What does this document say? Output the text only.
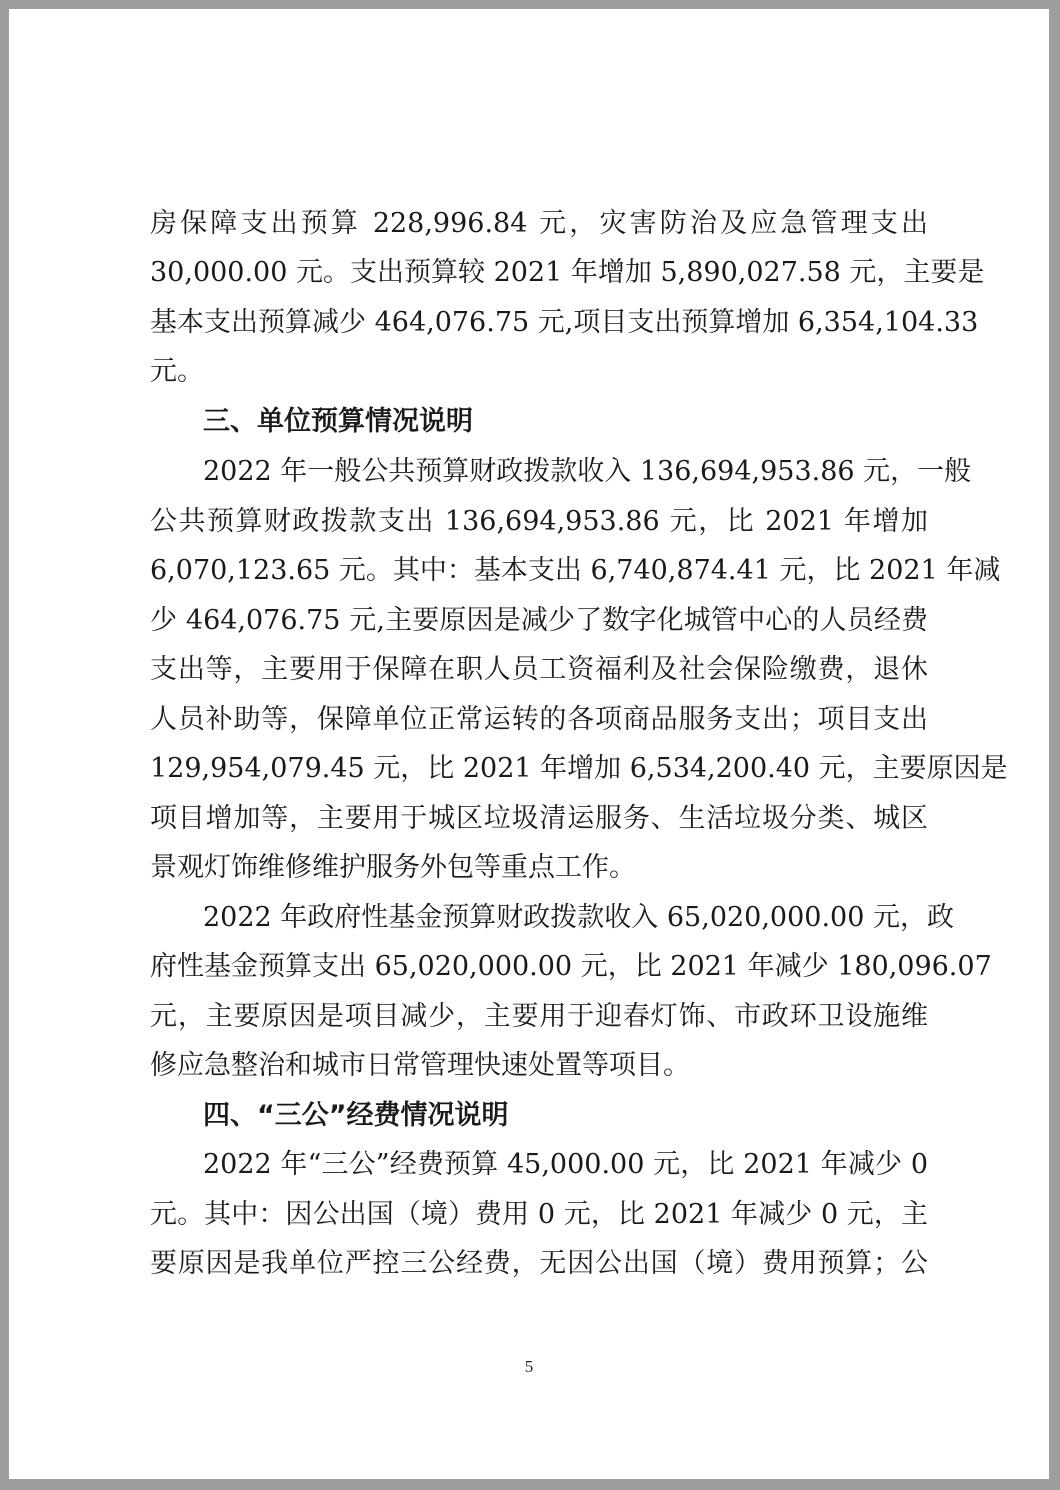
房保障支出预算 228,996.84 元，灾害防治及应急管理支出
30,000.00 元。支出预算较 2021 年增加 5,890,027.58 元，主要是
基本支出预算减少 464,076.75 元,项目支出预算增加 6,354,104.33
元。
三、单位预算情况说明
2022 年一般公共预算财政拨款收入 136,694,953.86 元，一般
公共预算财政拨款支出 136,694,953.86 元，比 2021 年增加
6,070,123.65 元。其中：基本支出 6,740,874.41 元，比 2021 年减
少 464,076.75 元,主要原因是减少了数字化城管中心的人员经费
支出等，主要用于保障在职人员工资福利及社会保险缴费，退休
人员补助等，保障单位正常运转的各项商品服务支出；项目支出
129,954,079.45 元，比 2021 年增加 6,534,200.40 元，主要原因是
项目增加等，主要用于城区垃圾清运服务、生活垃圾分类、城区
景观灯饰维修维护服务外包等重点工作。
2022 年政府性基金预算财政拨款收入 65,020,000.00 元，政
府性基金预算支出 65,020,000.00 元，比 2021 年减少 180,096.07
元，主要原因是项目减少，主要用于迎春灯饰、市政环卫设施维
修应急整治和城市日常管理快速处置等项目。
四、“三公”经费情况说明
2022 年“三公”经费预算 45,000.00 元，比 2021 年减少 0
元。其中：因公出国（境）费用 0 元，比 2021 年减少 0 元，主
要原因是我单位严控三公经费，无因公出国（境）费用预算；公
5
